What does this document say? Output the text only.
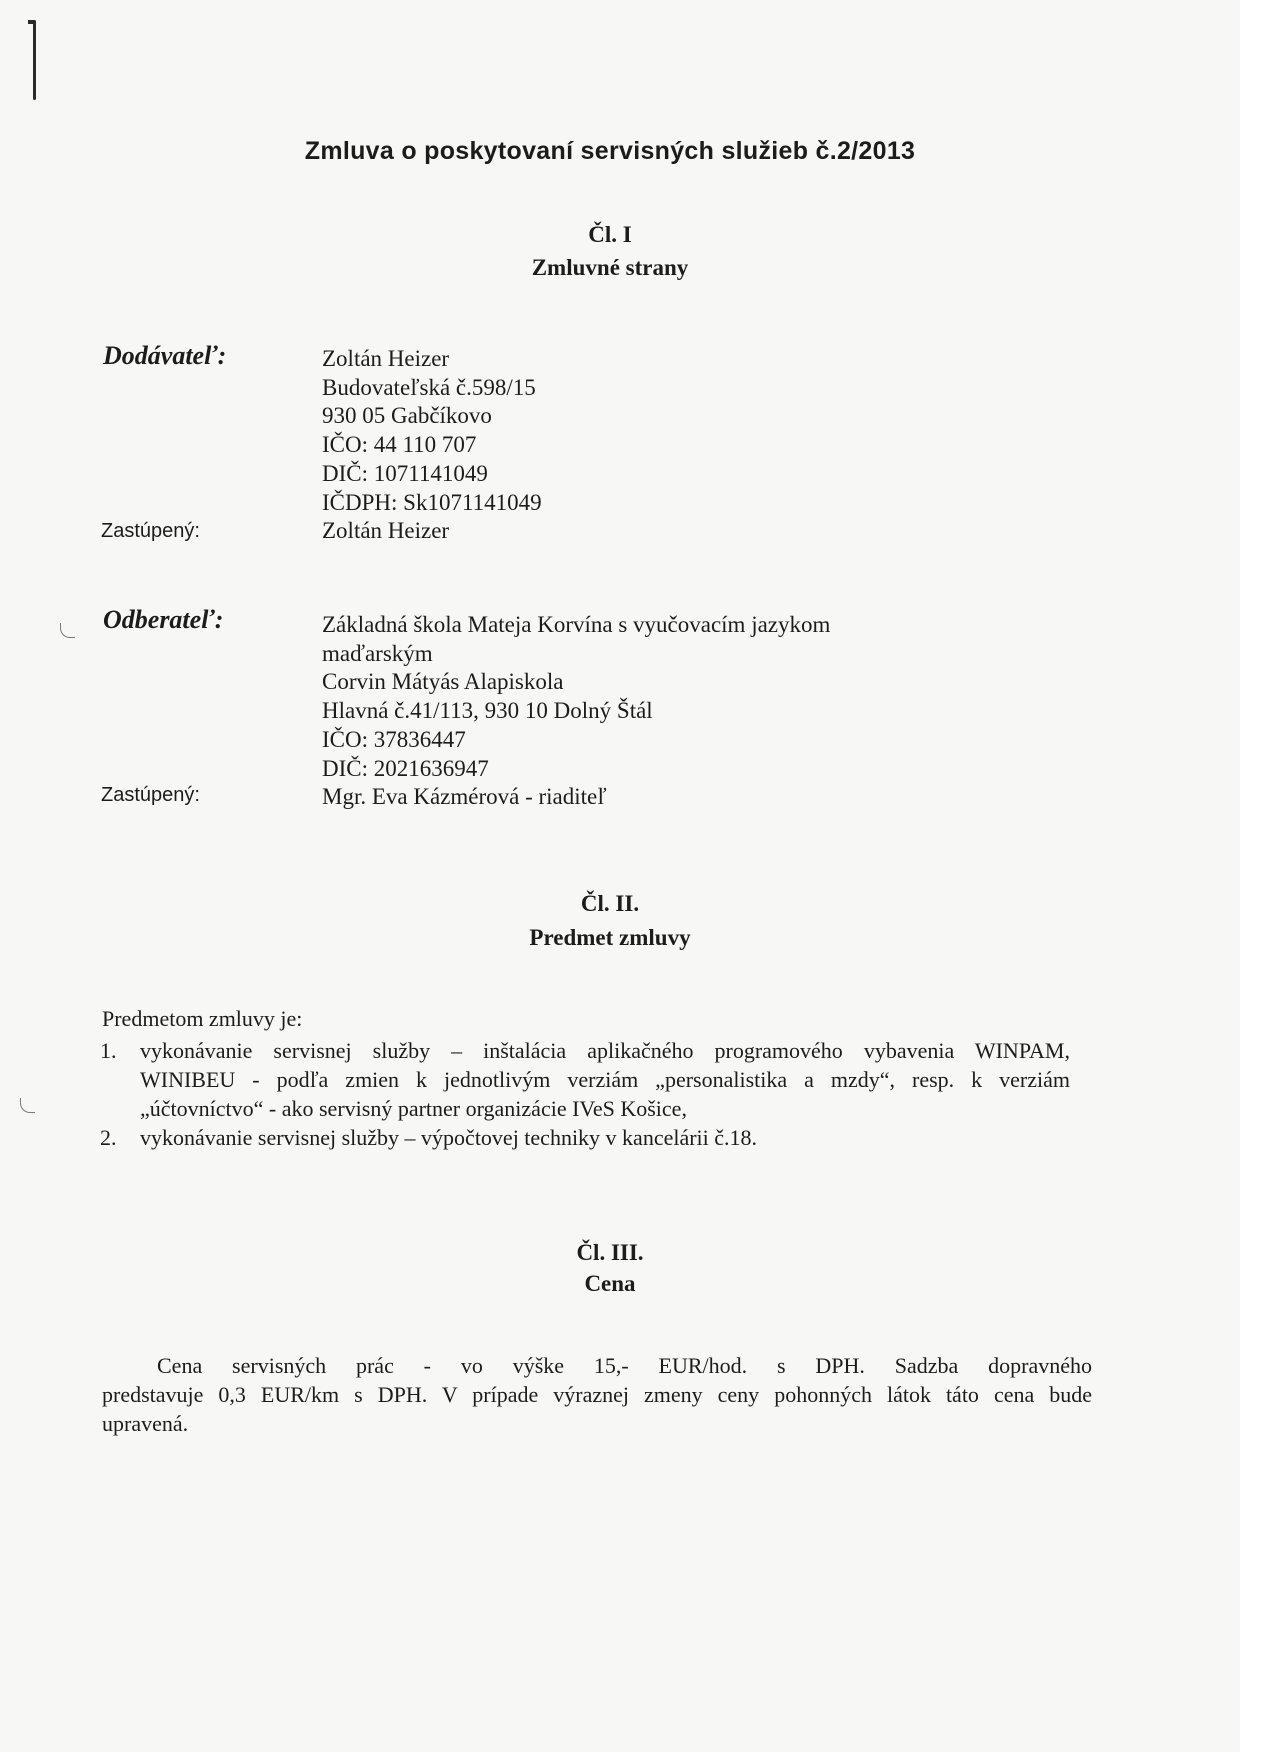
Zmluva o poskytovaní servisných služieb č.2/2013
Čl. I
Zmluvné strany
Dodávateľ:	Zoltán Heizer
Budovateľská č.598/15
930 05 Gabčíkovo
IČO: 44 110 707
DIČ: 1071141049
IČDPH: Sk1071141049
Zoltán Heizer
Zastúpený:
Odberateľ:	Základná škola Mateja Korvína s vyučovacím jazykom
maďarským
Corvin Mátyás Alapiskola
Hlavná č.41/113, 930 10 Dolný Štál
IČO: 37836447
DIČ: 2021636947
Mgr. Eva Kázmérová - riaditeľ
Zastúpený:
Čl. II.
Predmet zmluvy
Predmetom zmluvy je:
1. vykonávanie servisnej služby – inštalácia aplikačného programového vybavenia WINPAM,
WINIBEU - podľa zmien k jednotlivým verziám „personalistika a mzdy“, resp. k verziám
„účtovníctvo“ - ako servisný partner organizácie IVeS Košice,
2. vykonávanie servisnej služby – výpočtovej techniky v kancelárii č.18.
Čl. III.
Cena
Cena servisných prác - vo výške 15,- EUR/hod. s DPH. Sadzba dopravného
predstavuje 0,3 EUR/km s DPH. V prípade výraznej zmeny ceny pohonných látok táto cena bude
upravená.
